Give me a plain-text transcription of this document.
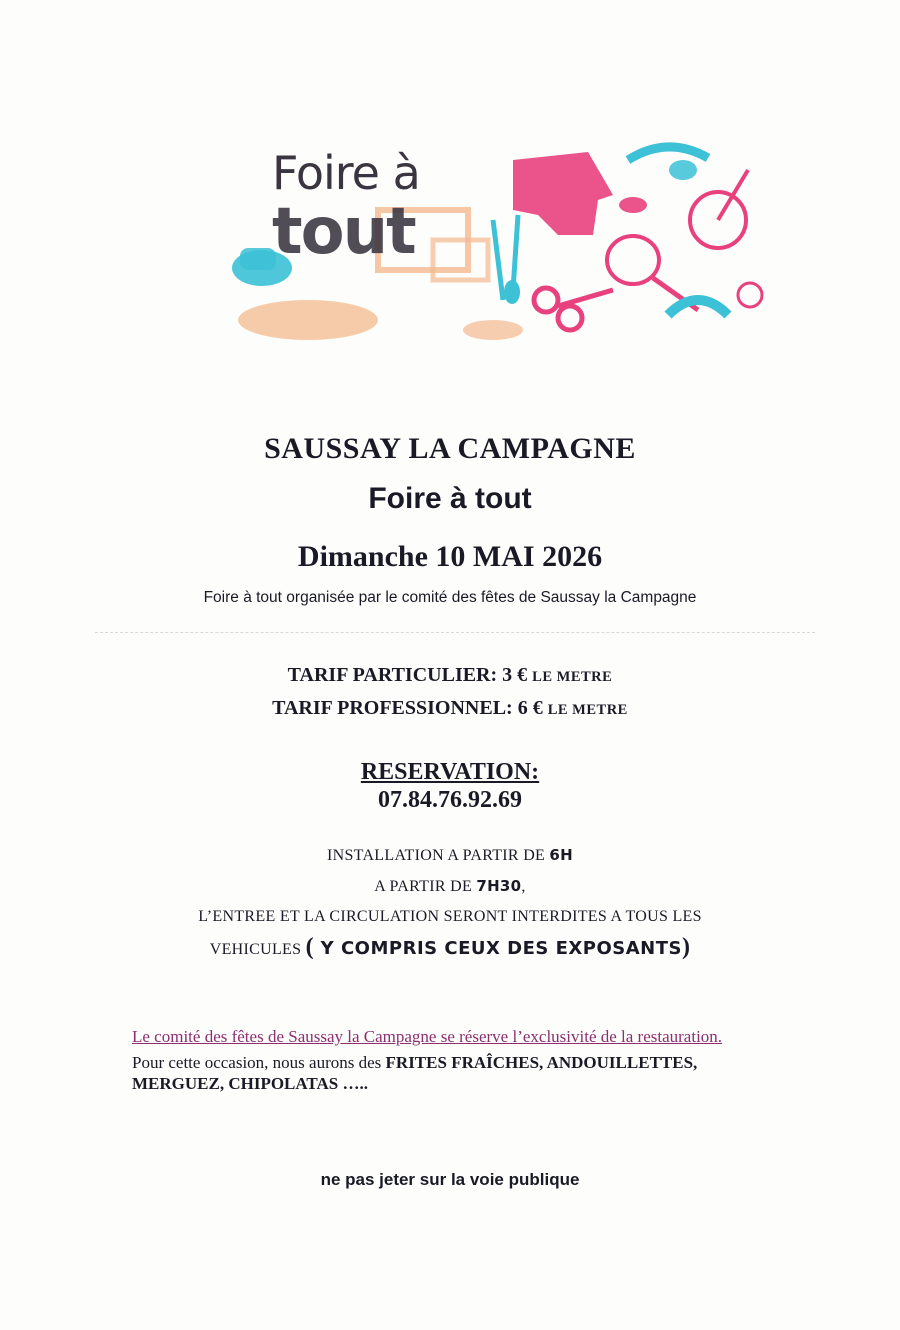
Foire à
tout
SAUSSAY LA CAMPAGNE
Foire à tout
Dimanche 10 MAI 2026
Foire à tout organisée par le comité des fêtes de Saussay la Campagne
TARIF PARTICULIER: 3 € LE METRE
TARIF PROFESSIONNEL: 6 € LE METRE
RESERVATION:
07.84.76.92.69
INSTALLATION A PARTIR DE 6H
A PARTIR DE 7H30,
L’ENTREE ET LA CIRCULATION SERONT INTERDITES A TOUS LES
VEHICULES ( Y COMPRIS CEUX DES EXPOSANTS)
Le comité des fêtes de Saussay la Campagne se réserve l’exclusivité de la restauration.
Pour cette occasion, nous aurons des FRITES FRAÎCHES, ANDOUILLETTES, MERGUEZ, CHIPOLATAS …..
ne pas jeter sur la voie publique
